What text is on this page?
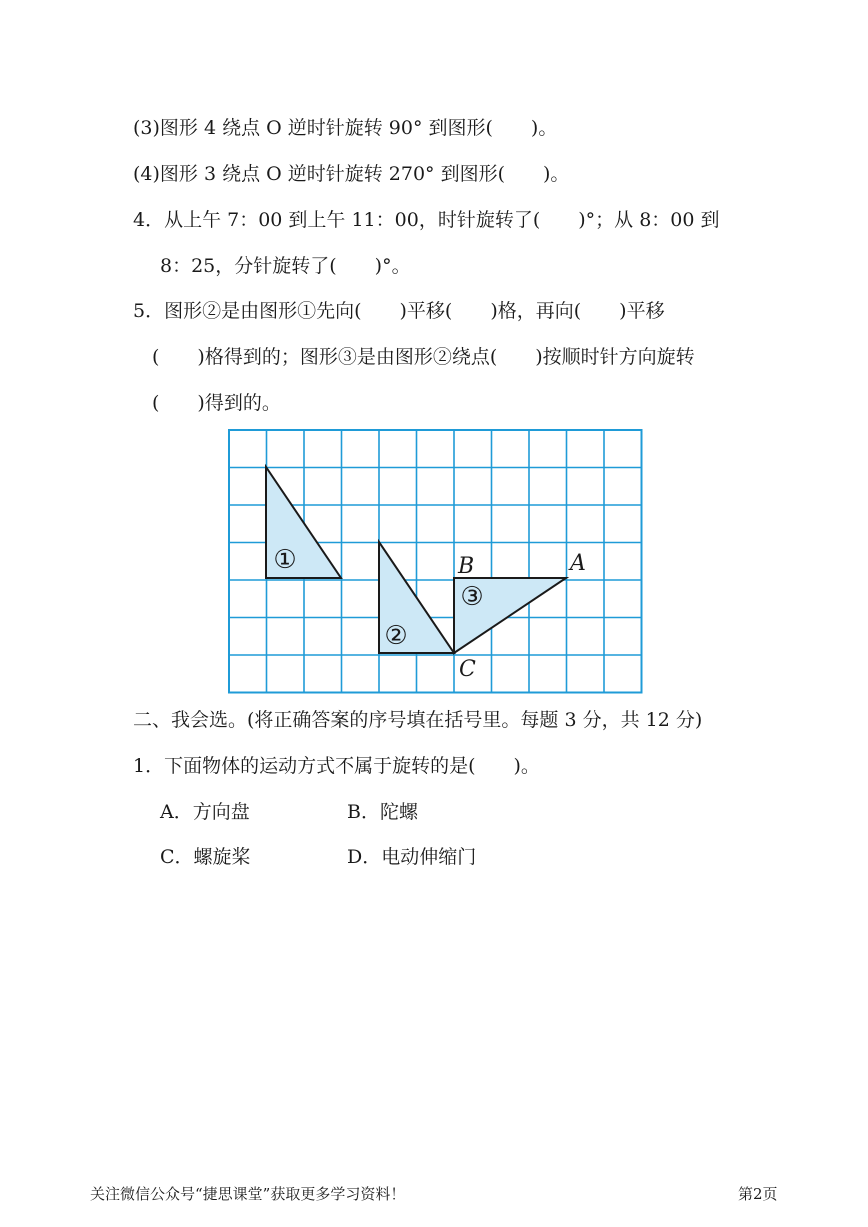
(3)图形 4 绕点 O 逆时针旋转 90° 到图形(　　)。
(4)图形 3 绕点 O 逆时针旋转 270° 到图形(　　)。
4．从上午 7：00 到上午 11：00，时针旋转了(　　)°；从 8：00 到
8：25，分针旋转了(　　)°。
5．图形②是由图形①先向(　　)平移(　　)格，再向(　　)平移
(　　)格得到的；图形③是由图形②绕点(　　)按顺时针方向旋转
(　　)得到的。
①
②
③
A
B
C
二、我会选。(将正确答案的序号填在括号里。每题 3 分，共 12 分)
1．下面物体的运动方式不属于旋转的是(　　)。
A．方向盘	B．陀螺
C．螺旋桨	D．电动伸缩门
关注微信公众号“捷思课堂”获取更多学习资料！	第2页
